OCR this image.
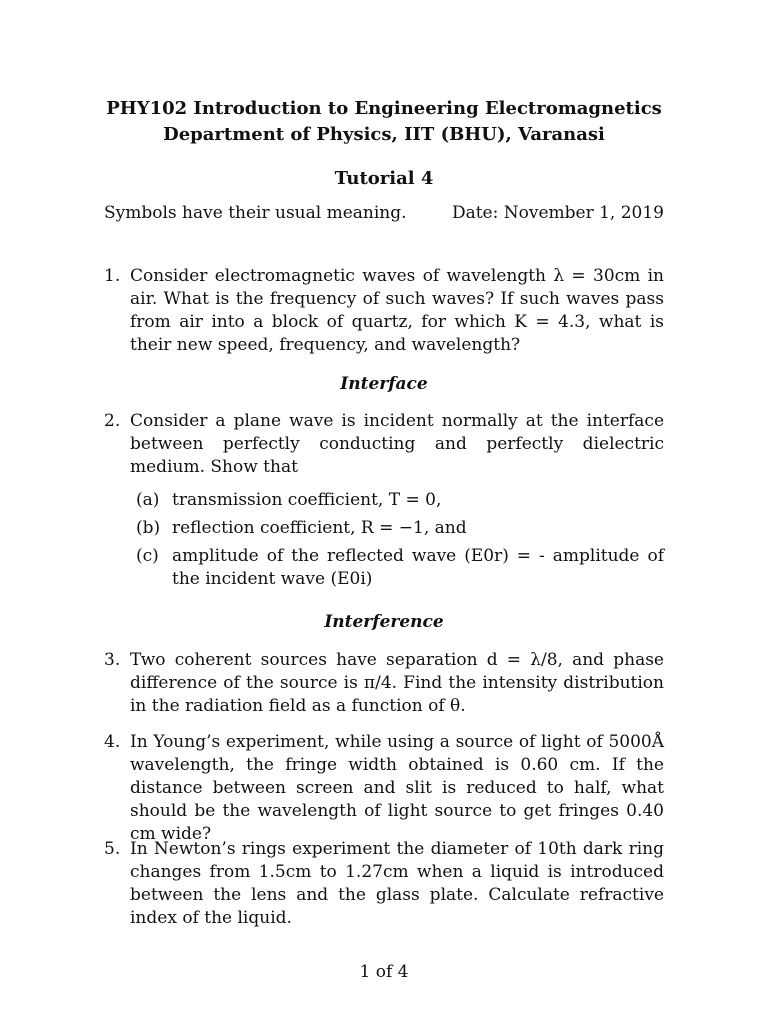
PHY102 Introduction to Engineering Electromagnetics
Department of Physics, IIT (BHU), Varanasi
Tutorial 4
Symbols have their usual meaning.	Date: November 1, 2019
1. Consider electromagnetic waves of wavelength λ = 30cm in air. What is the frequency of such waves? If such waves pass from air into a block of quartz, for which K = 4.3, what is their new speed, frequency, and wavelength?
Interface
2. Consider a plane wave is incident normally at the interface between perfectly conducting and perfectly dielectric medium. Show that
(a) transmission coefficient, T = 0,
(b) reflection coefficient, R = −1, and
(c) amplitude of the reflected wave (E0r) = - amplitude of the incident wave (E0i)
Interference
3. Two coherent sources have separation d = λ/8, and phase difference of the source is π/4. Find the intensity distribution in the radiation field as a function of θ.
4. In Young’s experiment, while using a source of light of 5000Å wavelength, the fringe width obtained is 0.60 cm. If the distance between screen and slit is reduced to half, what should be the wavelength of light source to get fringes 0.40 cm wide?
5. In Newton’s rings experiment the diameter of 10th dark ring changes from 1.5cm to 1.27cm when a liquid is introduced between the lens and the glass plate. Calculate refractive index of the liquid.
1 of 4
